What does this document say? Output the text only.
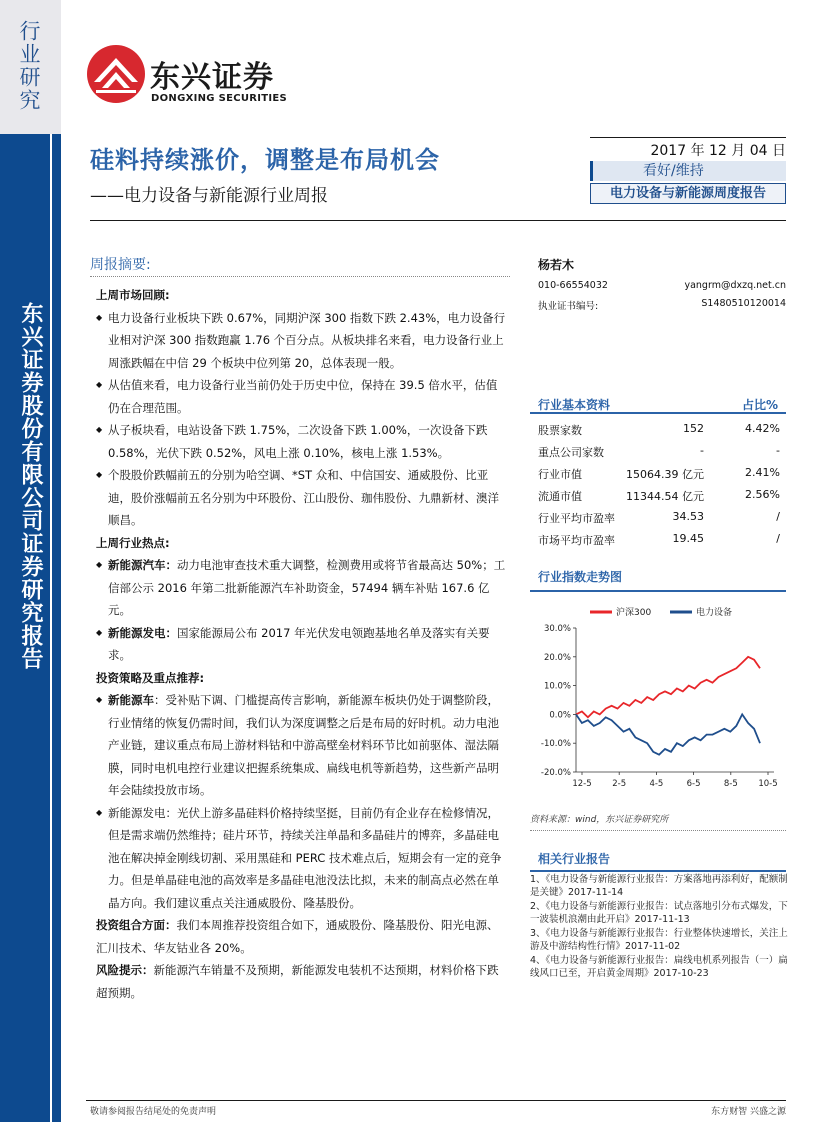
行业研究
东兴证券股份有限公司证券研究报告
东兴证券
DONGXING SECURITIES
硅料持续涨价，调整是布局机会
——电力设备与新能源行业周报
2017 年 12 月 04 日
看好/维持
电力设备与新能源周度报告
周报摘要:

上周市场回顾:

◆ 电力设备行业板块下跌 0.67%，同期沪深 300 指数下跌 2.43%，电力设备行业相对沪深 300 指数跑赢 1.76 个百分点。从板块排名来看，电力设备行业上周涨跌幅在中信 29 个板块中位列第 20，总体表现一般。

◆ 从估值来看，电力设备行业当前仍处于历史中位，保持在 39.5 倍水平，估值仍在合理范围。

◆ 从子板块看，电站设备下跌 1.75%，二次设备下跌 1.00%，一次设备下跌 0.58%，光伏下跌 0.52%，风电上涨 0.10%，核电上涨 1.53%。

◆ 个股股价跌幅前五的分别为哈空调、*ST 众和、中信国安、通威股份、比亚迪，股价涨幅前五名分别为中环股份、江山股份、珈伟股份、九鼎新材、澳洋顺昌。

上周行业热点:

◆ 新能源汽车：动力电池审查技术重大调整，检测费用或将节省最高达 50%；工信部公示 2016 年第二批新能源汽车补助资金，57494 辆车补贴 167.6 亿元。

◆ 新能源发电：国家能源局公布 2017 年光伏发电领跑基地名单及落实有关要求。

投资策略及重点推荐:

◆ 新能源车：受补贴下调、门槛提高传言影响，新能源车板块仍处于调整阶段，行业情绪的恢复仍需时间，我们认为深度调整之后是布局的好时机。动力电池产业链，建议重点布局上游材料钴和中游高壁垒材料环节比如前驱体、湿法隔膜，同时电机电控行业建议把握系统集成、扁线电机等新趋势，这些新产品明年会陆续投放市场。

◆ 新能源发电：光伏上游多晶硅料价格持续坚挺，目前仍有企业存在检修情况，但是需求端仍然维持；硅片环节，持续关注单晶和多晶硅片的博弈，多晶硅电池在解决掉金刚线切割、采用黑硅和 PERC 技术难点后，短期会有一定的竞争力。但是单晶硅电池的高效率是多晶硅电池没法比拟，未来的制高点必然在单晶方向。我们建议重点关注通威股份、隆基股份。

投资组合方面：我们本周推荐投资组合如下，通威股份、隆基股份、阳光电源、汇川技术、华友钴业各 20%。

风险提示：新能源汽车销量不及预期，新能源发电装机不达预期，材料价格下跌超预期。

杨若木
010-66554032	yangrm@dxzq.net.cn
执业证书编号:	S1480510120014
行业基本资料	占比%
股票家数	152	4.42%
重点公司家数	-	-
行业市值	15064.39 亿元	2.41%
流通市值	11344.54 亿元	2.56%
行业平均市盈率	34.53	/
市场平均市盈率	19.45	/
行业指数走势图
30.0%
20.0%
10.0%
0.0%
-10.0%
-20.0%
12-5 2-5	4-5	6-5	8-5 10-5
沪深300	电力设备
资料来源：wind，东兴证券研究所
相关行业报告
1、《电力设备与新能源行业报告：方案落地再添利好，配额制是关键》2017-11-14
2、《电力设备与新能源行业报告：试点落地引分布式爆发，下一波装机浪潮由此开启》2017-11-13
3、《电力设备与新能源行业报告：行业整体快速增长，关注上游及中游结构性行情》2017-11-02
4、《电力设备与新能源行业报告：扁线电机系列报告（一）扁线风口已至，开启黄金周期》2017-10-23
敬请参阅报告结尾处的免责声明	东方财智 兴盛之源
